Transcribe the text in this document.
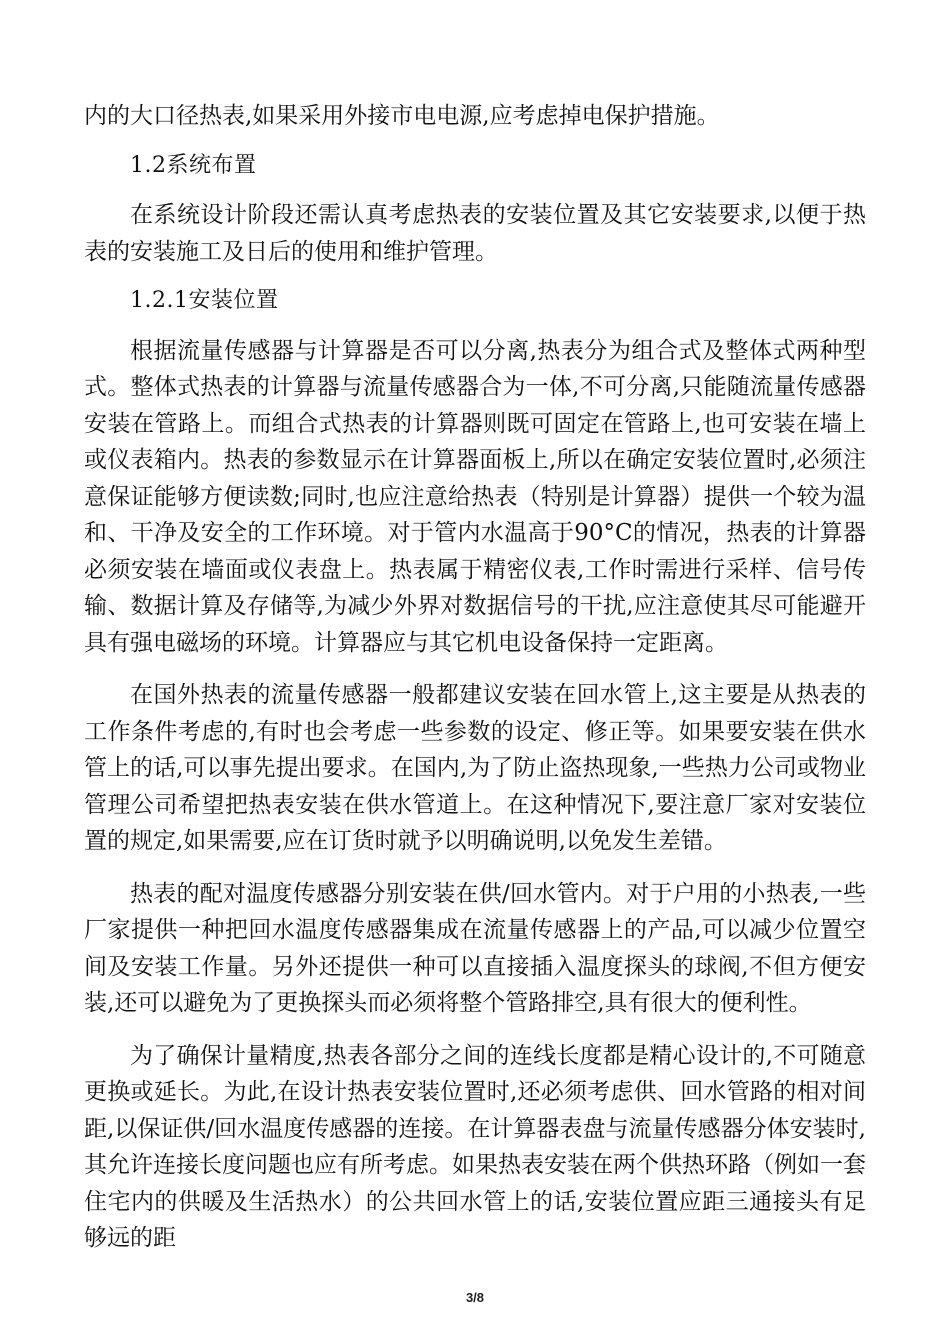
内的大口径热表,如果采用外接市电电源,应考虑掉电保护措施。

1.2系统布置

在系统设计阶段还需认真考虑热表的安装位置及其它安装要求,以便于热表的安装施工及日后的使用和维护管理。

1.2.1安装位置

根据流量传感器与计算器是否可以分离,热表分为组合式及整体式两种型式。整体式热表的计算器与流量传感器合为一体,不可分离,只能随流量传感器安装在管路上。而组合式热表的计算器则既可固定在管路上,也可安装在墙上或仪表箱内。热表的参数显示在计算器面板上,所以在确定安装位置时,必须注意保证能够方便读数;同时,也应注意给热表（特别是计算器）提供一个较为温和、干净及安全的工作环境。对于管内水温高于90°C的情况，热表的计算器必须安装在墙面或仪表盘上。热表属于精密仪表,工作时需进行采样、信号传输、数据计算及存储等,为减少外界对数据信号的干扰,应注意使其尽可能避开具有强电磁场的环境。计算器应与其它机电设备保持一定距离。

在国外热表的流量传感器一般都建议安装在回水管上,这主要是从热表的工作条件考虑的,有时也会考虑一些参数的设定、修正等。如果要安装在供水管上的话,可以事先提出要求。在国内,为了防止盗热现象,一些热力公司或物业管理公司希望把热表安装在供水管道上。在这种情况下,要注意厂家对安装位置的规定,如果需要,应在订货时就予以明确说明,以免发生差错。

热表的配对温度传感器分别安装在供/回水管内。对于户用的小热表,一些厂家提供一种把回水温度传感器集成在流量传感器上的产品,可以减少位置空间及安装工作量。另外还提供一种可以直接插入温度探头的球阀,不但方便安装,还可以避免为了更换探头而必须将整个管路排空,具有很大的便利性。

为了确保计量精度,热表各部分之间的连线长度都是精心设计的,不可随意更换或延长。为此,在设计热表安装位置时,还必须考虑供、回水管路的相对间距,以保证供/回水温度传感器的连接。在计算器表盘与流量传感器分体安装时,其允许连接长度问题也应有所考虑。如果热表安装在两个供热环路（例如一套住宅内的供暖及生活热水）的公共回水管上的话,安装位置应距三通接头有足够远的距

3/8
